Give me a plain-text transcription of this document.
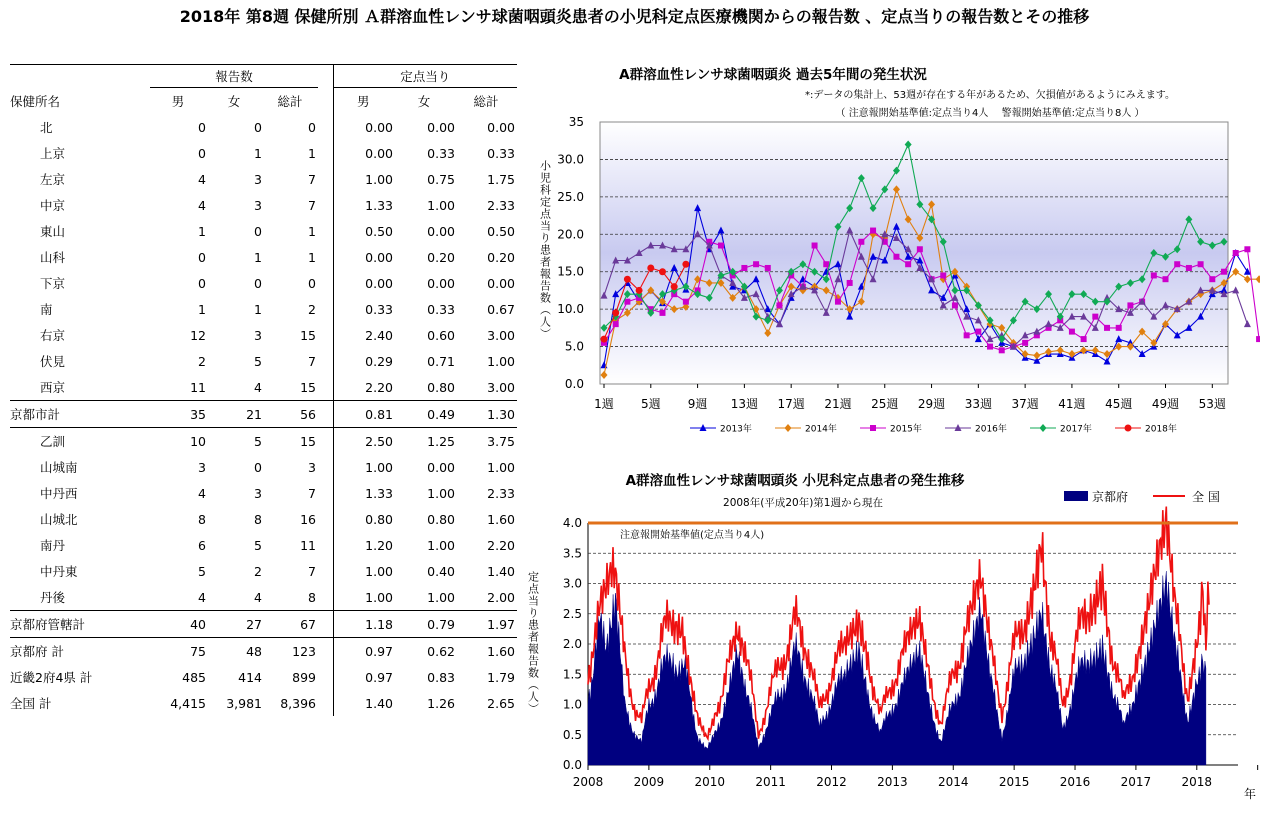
2018年 第8週 保健所別 Ａ群溶血性レンサ球菌咽頭炎患者の小児科定点医療機関からの報告数 、定点当りの報告数とその推移
	報告数				定点当り		
保健所名	男	女	総計		男	女	総計
北	0	0	0		0.00	0.00	0.00
上京	0	1	1		0.00	0.33	0.33
左京	4	3	7		1.00	0.75	1.75
中京	4	3	7		1.33	1.00	2.33
東山	1	0	1		0.50	0.00	0.50
山科	0	1	1		0.00	0.20	0.20
下京	0	0	0		0.00	0.00	0.00
南	1	1	2		0.33	0.33	0.67
右京	12	3	15		2.40	0.60	3.00
伏見	2	5	7		0.29	0.71	1.00
西京	11	4	15		2.20	0.80	3.00
京都市計	35	21	56		0.81	0.49	1.30
乙訓	10	5	15		2.50	1.25	3.75
山城南	3	0	3		1.00	0.00	1.00
中丹西	4	3	7		1.33	1.00	2.33
山城北	8	8	16		0.80	0.80	1.60
南丹	6	5	11		1.20	1.00	2.20
中丹東	5	2	7		1.00	0.40	1.40
丹後	4	4	8		1.00	1.00	2.00
京都府管轄計	40	27	67		1.18	0.79	1.97
京都府 計	75	48	123		0.97	0.62	1.60
近畿2府4県 計	485	414	899		0.97	0.83	1.79
全国 計	4,415	3,981	8,396		1.40	1.26	2.65
A群溶血性レンサ球菌咽頭炎 過去5年間の発生状況
*:データの集計上、53週が存在する年があるため、欠損値があるようにみえます。
（ 注意報開始基準値:定点当り4人　 警報開始基準値:定点当り8人 ）
0.0
5.0
10.0
15.0
20.0
25.0
30.0
35
1週 5週 9週 13週 17週 21週 25週 29週 33週 37週 41週 45週 49週 53週
小児科定点当り患者報告数（人）
2013年	2014年	2015年	2016年	2017年	2018年
A群溶血性レンサ球菌咽頭炎 小児科定点患者の発生推移
2008年(平成20年)第1週から現在
0.0
0.5
1.0
1.5
2.0
2.5
3.0
3.5
4.0
注意報開始基準値(定点当り4人)
2008	2009	2010	2011	2012	2013	2014	2015	2016	2017	2018
年
定点当り患者報告数（人）
京都府	全 国
